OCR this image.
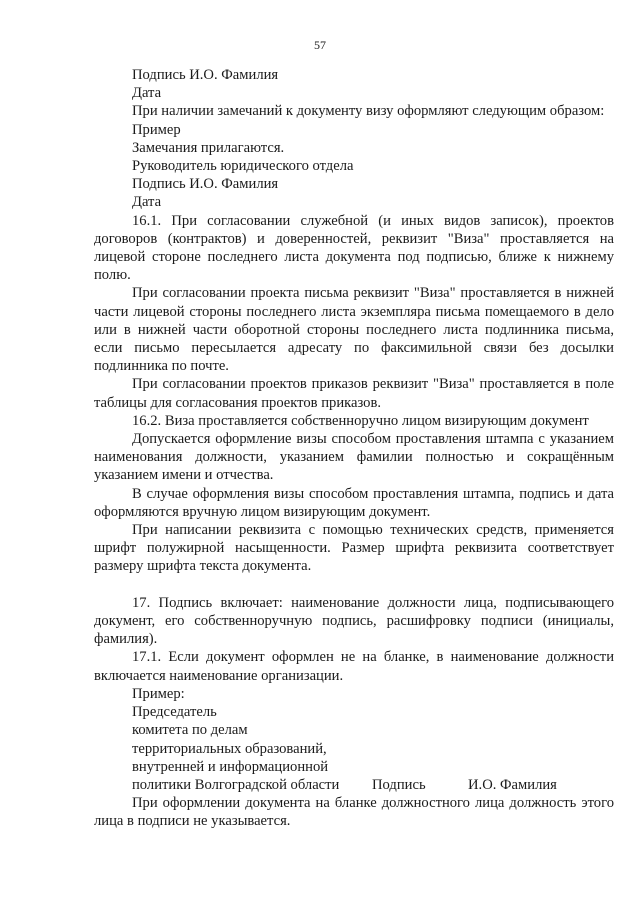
57
Подпись И.О. Фамилия
Дата

При наличии замечаний к документу визу оформляют следующим образом:

Пример
Замечания прилагаются.
Руководитель юридического отдела
Подпись И.О. Фамилия
Дата

16.1. При согласовании служебной (и иных видов записок), проектов договоров (контрактов) и доверенностей, реквизит "Виза" проставляется на лицевой стороне последнего листа документа под подписью, ближе к нижнему полю.

При согласовании проекта письма реквизит "Виза" проставляется в нижней части лицевой стороны последнего листа экземпляра письма помещаемого в дело или в нижней части оборотной стороны последнего листа подлинника письма, если письмо пересылается адресату по факсимильной связи без досылки подлинника по почте.

При согласовании проектов приказов реквизит "Виза" проставляется в поле таблицы для согласования проектов приказов.

16.2. Виза проставляется собственноручно лицом визирующим документ

Допускается оформление визы способом проставления штампа с указанием наименования должности, указанием фамилии полностью и сокращённым указанием имени и отчества.

В случае оформления визы способом проставления штампа, подпись и дата оформляются вручную лицом визирующим документ.

При написании реквизита с помощью технических средств, применяется шрифт полужирной насыщенности. Размер шрифта реквизита соответствует размеру шрифта текста документа.

17. Подпись включает: наименование должности лица, подписывающего документ, его собственноручную подпись, расшифровку подписи (инициалы, фамилия).

17.1. Если документ оформлен не на бланке, в наименование должности включается наименование организации.

Пример:
Председатель
комитета по делам
территориальных образований,
внутренней и информационной
политики Волгоградской области Подпись	И.О. Фамилия

При оформлении документа на бланке должностного лица должность этого лица в подписи не указывается.
